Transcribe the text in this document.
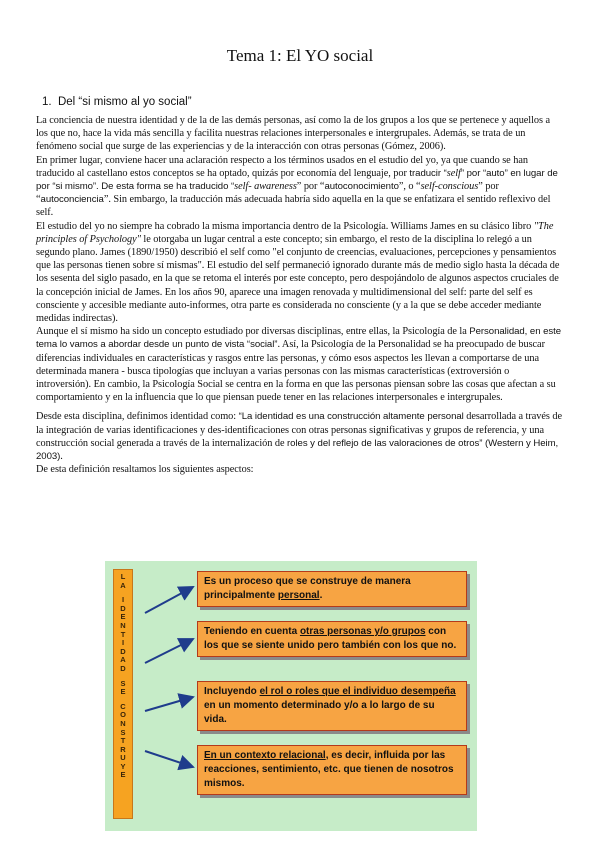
Tema 1: El YO social
1. Del “si mismo al yo social”

La conciencia de nuestra identidad y de la de las demás personas, así como la de los grupos a los que se pertenece y aquellos a los que no, hace la vida más sencilla y facilita nuestras relaciones interpersonales e intergrupales. Además, se trata de un fenómeno social que surge de las experiencias y de la interacción con otras personas (Gómez, 2006).

En primer lugar, conviene hacer una aclaración respecto a los términos usados en el estudio del yo, ya que cuando se han traducido al castellano estos conceptos se ha optado, quizás por economía del lenguaje, por traducir “self” por “auto” en lugar de por “si mismo”. De esta forma se ha traducido “self- awareness” por “autoconocimiento”, o “self-conscious” por “autoconciencia”. Sin embargo, la traducción más adecuada habría sido aquella en la que se enfatizara el sentido reflexivo del self.

El estudio del yo no siempre ha cobrado la misma importancia dentro de la Psicología. Williams James en su clásico libro "The principles of Psychology" le otorgaba un lugar central a este concepto; sin embargo, el resto de la disciplina lo relegó a un segundo plano. James (1890/1950) describió el self como "el conjunto de creencias, evaluaciones, percepciones y pensamientos que las personas tienen sobre sí mismas". El estudio del self permaneció ignorado durante más de medio siglo hasta la década de los sesenta del siglo pasado, en la que se retoma el interés por este concepto, pero despojándolo de algunos aspectos cruciales de la concepción inicial de James. En los años 90, aparece una imagen renovada y multidimensional del self: parte del self es consciente y accesible mediante auto-informes, otra parte es considerada no consciente (y a la que se debe acceder mediante medidas indirectas).

Aunque el sí mismo ha sido un concepto estudiado por diversas disciplinas, entre ellas, la Psicología de la Personalidad, en este tema lo vamos a abordar desde un punto de vista “social”. Así, la Psicología de la Personalidad se ha preocupado de buscar diferencias individuales en características y rasgos entre las personas, y cómo esos aspectos les llevan a comportarse de una determinada manera - busca tipologías que incluyan a varias personas con las mismas características (extroversión o introversión). En cambio, la Psicología Social se centra en la forma en que las personas piensan sobre las cosas que afectan a su comportamiento y en la influencia que lo que piensan puede tener en las relaciones interpersonales e intergrupales.

Desde esta disciplina, definimos identidad como: “La identidad es una construcción altamente personal desarrollada a través de la integración de varias identificaciones y des-identificaciones con otras personas significativas y grupos de referencia, y una construcción social generada a través de la internalización de roles y del reflejo de las valoraciones de otros” (Western y Heim, 2003).

De esta definición resaltamos los siguientes aspectos:

L
A
I
D
E
N
T
I
D
A
D
S
E
C
O
N
S
T
R
U
Y
E
Es un proceso que se construye de manera principalmente personal.
Teniendo en cuenta otras personas y/o grupos con los que se siente unido pero también con los que no.
Incluyendo el rol o roles que el individuo desempeña en un momento determinado y/o a lo largo de su vida.
En un contexto relacional, es decir, influida por las reacciones, sentimiento, etc. que tienen de nosotros mismos.
